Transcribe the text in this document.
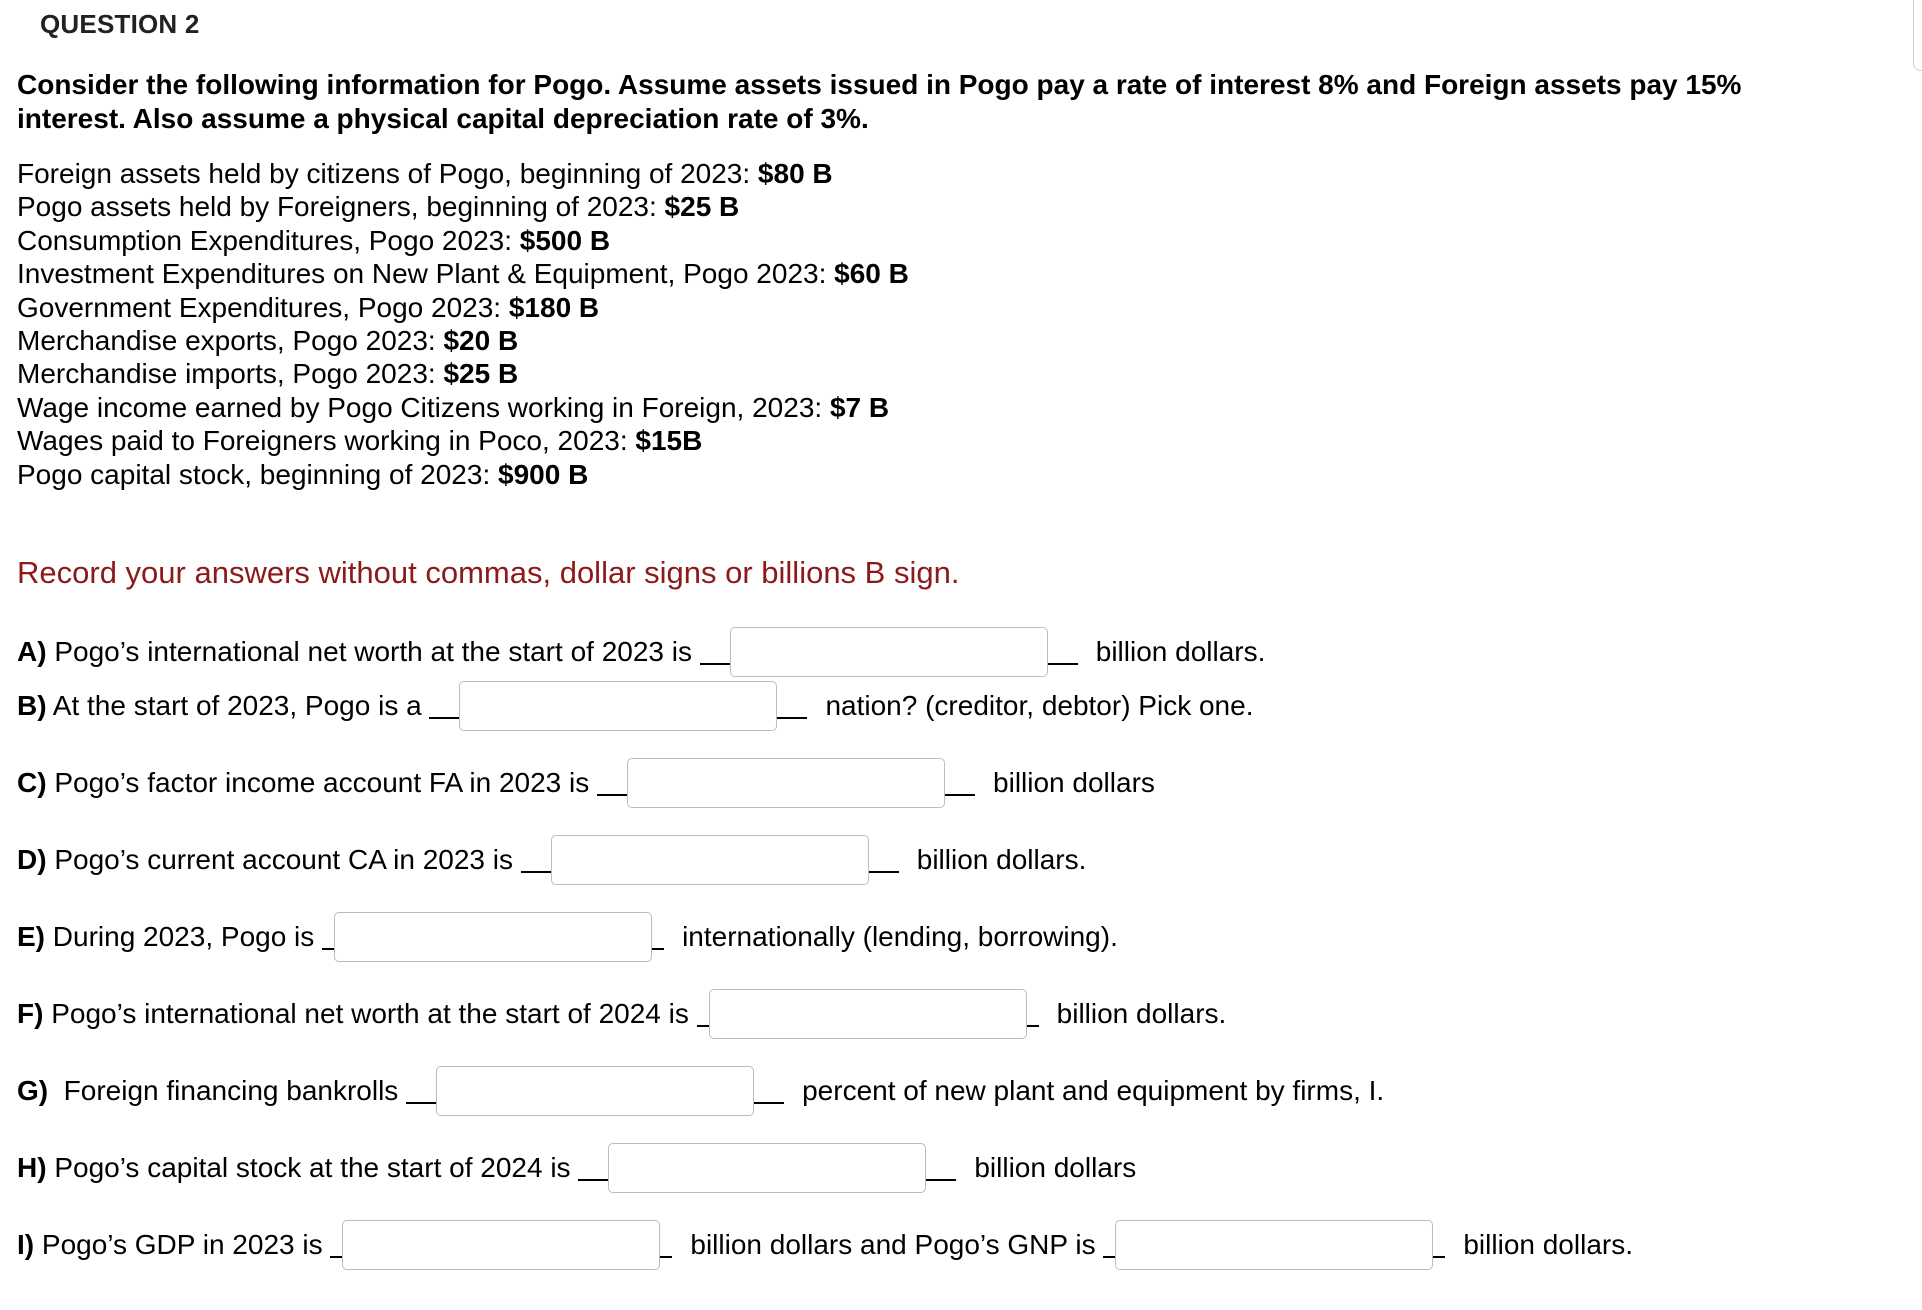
QUESTION 2
Consider the following information for Pogo. Assume assets issued in Pogo pay a rate of interest 8% and Foreign assets pay 15% interest. Also assume a physical capital depreciation rate of 3%.
Foreign assets held by citizens of Pogo, beginning of 2023: $80 B
Pogo assets held by Foreigners, beginning of 2023: $25 B
Consumption Expenditures, Pogo 2023: $500 B
Investment Expenditures on New Plant & Equipment, Pogo 2023: $60 B
Government Expenditures, Pogo 2023: $180 B
Merchandise exports, Pogo 2023: $20 B
Merchandise imports, Pogo 2023: $25 B
Wage income earned by Pogo Citizens working in Foreign, 2023: $7 B
Wages paid to Foreigners working in Poco, 2023: $15B
Pogo capital stock, beginning of 2023: $900 B
Record your answers without commas, dollar signs or billions B sign.
A) Pogo’s international net worth at the start of 2023 is	billion dollars.
B) At the start of 2023, Pogo is a	nation? (creditor, debtor) Pick one.
C) Pogo’s factor income account FA in 2023 is	billion dollars
D) Pogo’s current account CA in 2023 is	billion dollars.
E) During 2023, Pogo is	internationally (lending, borrowing).
F) Pogo’s international net worth at the start of 2024 is	billion dollars.
G) Foreign financing bankrolls	percent of new plant and equipment by firms, I.
H) Pogo’s capital stock at the start of 2024 is	billion dollars
I) Pogo’s GDP in 2023 is	billion dollars and Pogo’s GNP is	billion dollars.
